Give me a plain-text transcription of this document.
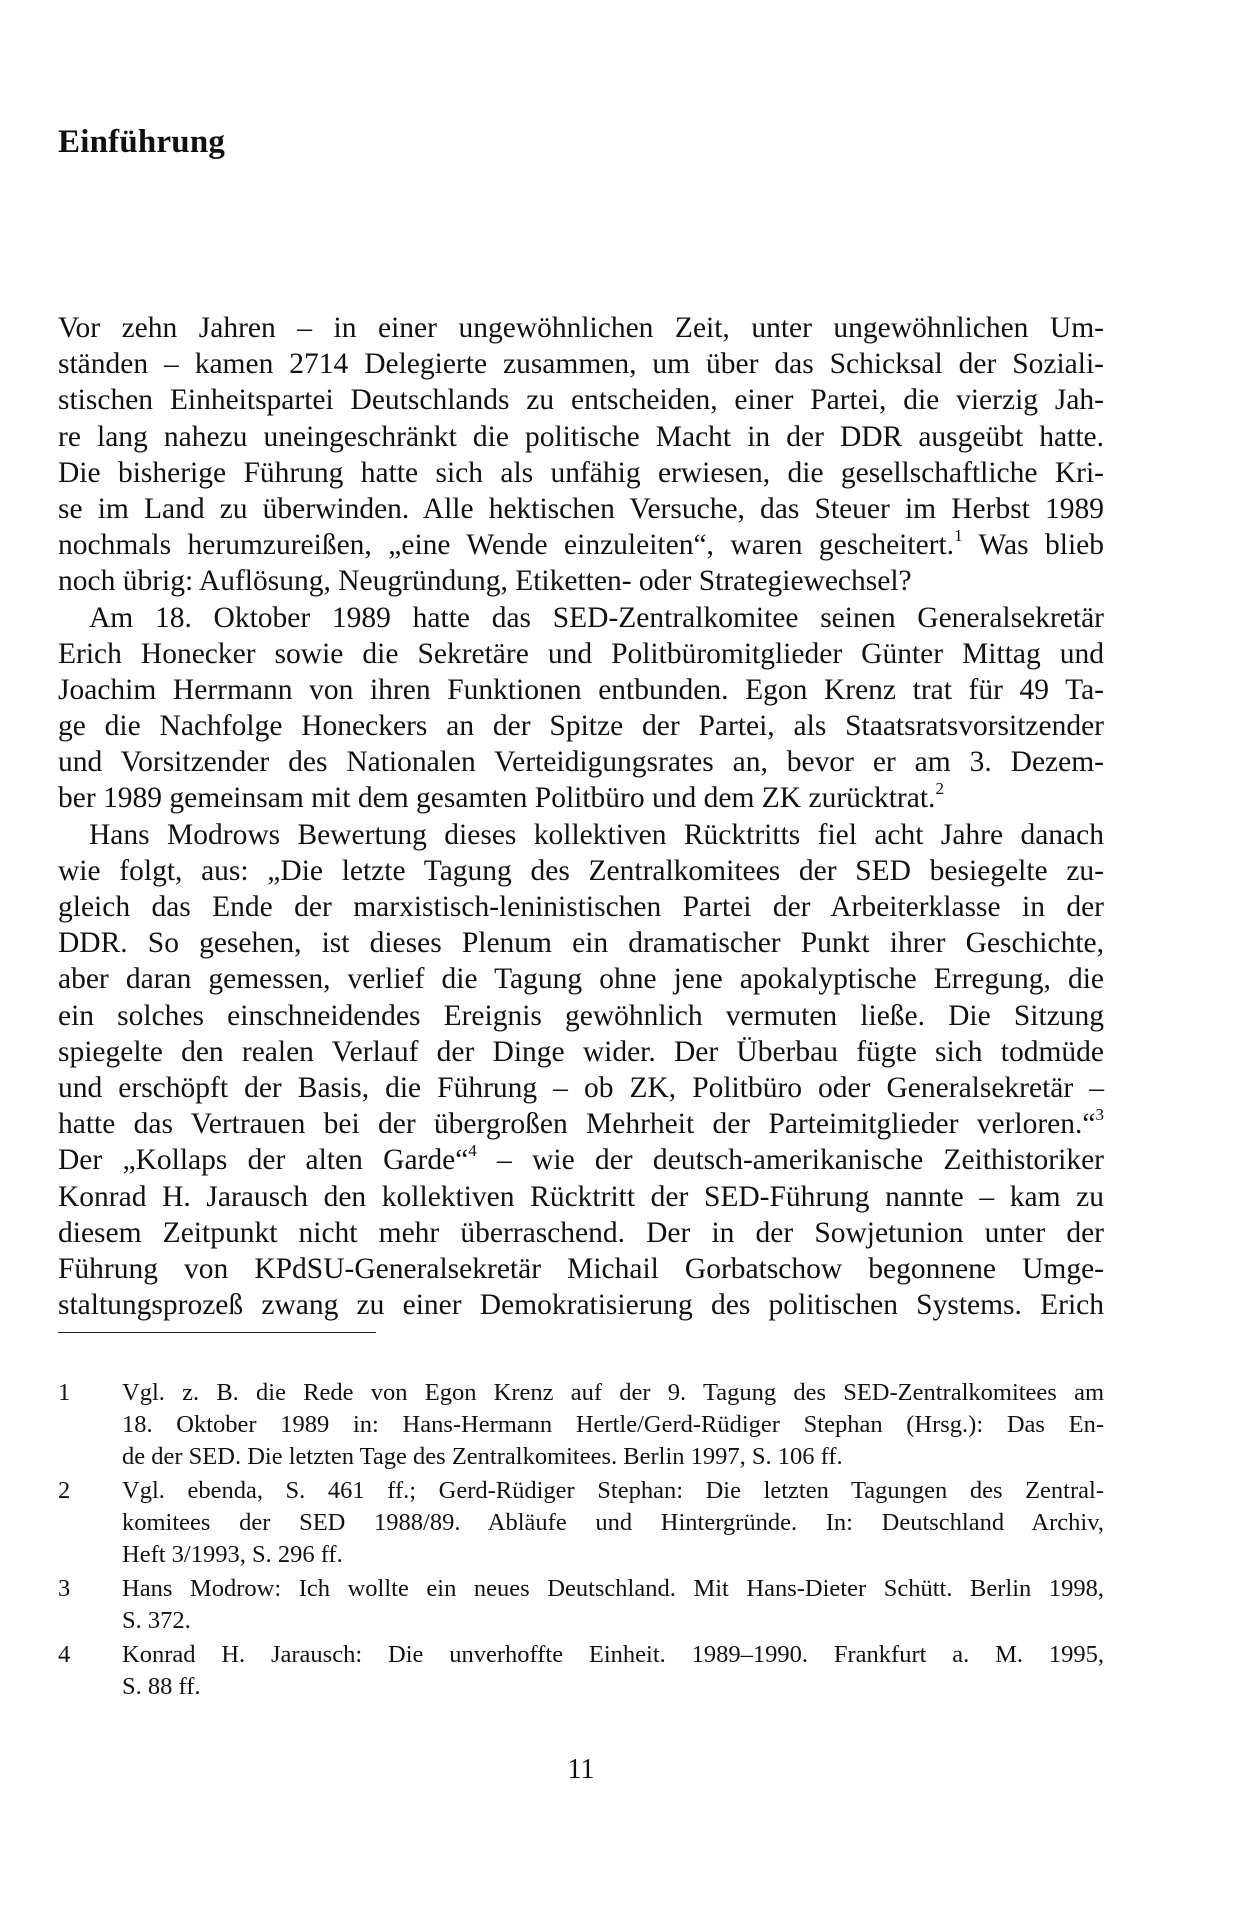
Einführung
Vor zehn Jahren – in einer ungewöhnlichen Zeit, unter ungewöhnlichen Um-
ständen – kamen 2714 Delegierte zusammen, um über das Schicksal der Soziali-
stischen Einheitspartei Deutschlands zu entscheiden, einer Partei, die vierzig Jah-
re lang nahezu uneingeschränkt die politische Macht in der DDR ausgeübt hatte.
Die bisherige Führung hatte sich als unfähig erwiesen, die gesellschaftliche Kri-
se im Land zu überwinden. Alle hektischen Versuche, das Steuer im Herbst 1989
nochmals herumzureißen, „eine Wende einzuleiten“, waren gescheitert.$^1$ Was blieb
noch übrig: Auflösung, Neugründung, Etiketten- oder Strategiewechsel?
Am 18. Oktober 1989 hatte das SED-Zentralkomitee seinen Generalsekretär
Erich Honecker sowie die Sekretäre und Politbüromitglieder Günter Mittag und
Joachim Herrmann von ihren Funktionen entbunden. Egon Krenz trat für 49 Ta-
ge die Nachfolge Honeckers an der Spitze der Partei, als Staatsratsvorsitzender
und Vorsitzender des Nationalen Verteidigungsrates an, bevor er am 3. Dezem-
ber 1989 gemeinsam mit dem gesamten Politbüro und dem ZK zurücktrat.$^2$
Hans Modrows Bewertung dieses kollektiven Rücktritts fiel acht Jahre danach
wie folgt, aus: „Die letzte Tagung des Zentralkomitees der SED besiegelte zu-
gleich das Ende der marxistisch-leninistischen Partei der Arbeiterklasse in der
DDR. So gesehen, ist dieses Plenum ein dramatischer Punkt ihrer Geschichte,
aber daran gemessen, verlief die Tagung ohne jene apokalyptische Erregung, die
ein solches einschneidendes Ereignis gewöhnlich vermuten ließe. Die Sitzung
spiegelte den realen Verlauf der Dinge wider. Der Überbau fügte sich todmüde
und erschöpft der Basis, die Führung – ob ZK, Politbüro oder Generalsekretär –
hatte das Vertrauen bei der übergroßen Mehrheit der Parteimitglieder verloren.“$^3$
Der „Kollaps der alten Garde“$^4$ – wie der deutsch-amerikanische Zeithistoriker
Konrad H. Jarausch den kollektiven Rücktritt der SED-Führung nannte – kam zu
diesem Zeitpunkt nicht mehr überraschend. Der in der Sowjetunion unter der
Führung von KPdSU-Generalsekretär Michail Gorbatschow begonnene Umge-
staltungsprozeß zwang zu einer Demokratisierung des politischen Systems. Erich
1 Vgl. z. B. die Rede von Egon Krenz auf der 9. Tagung des SED-Zentralkomitees am
18. Oktober 1989 in: Hans-Hermann Hertle/Gerd-Rüdiger Stephan (Hrsg.): Das En-
de der SED. Die letzten Tage des Zentralkomitees. Berlin 1997, S. 106 ff.
2 Vgl. ebenda, S. 461 ff.; Gerd-Rüdiger Stephan: Die letzten Tagungen des Zentral-
komitees der SED 1988/89. Abläufe und Hintergründe. In: Deutschland Archiv,
Heft 3/1993, S. 296 ff.
3 Hans Modrow: Ich wollte ein neues Deutschland. Mit Hans-Dieter Schütt. Berlin 1998,
S. 372.
4 Konrad H. Jarausch: Die unverhoffte Einheit. 1989–1990. Frankfurt a. M. 1995,
S. 88 ff.
11
